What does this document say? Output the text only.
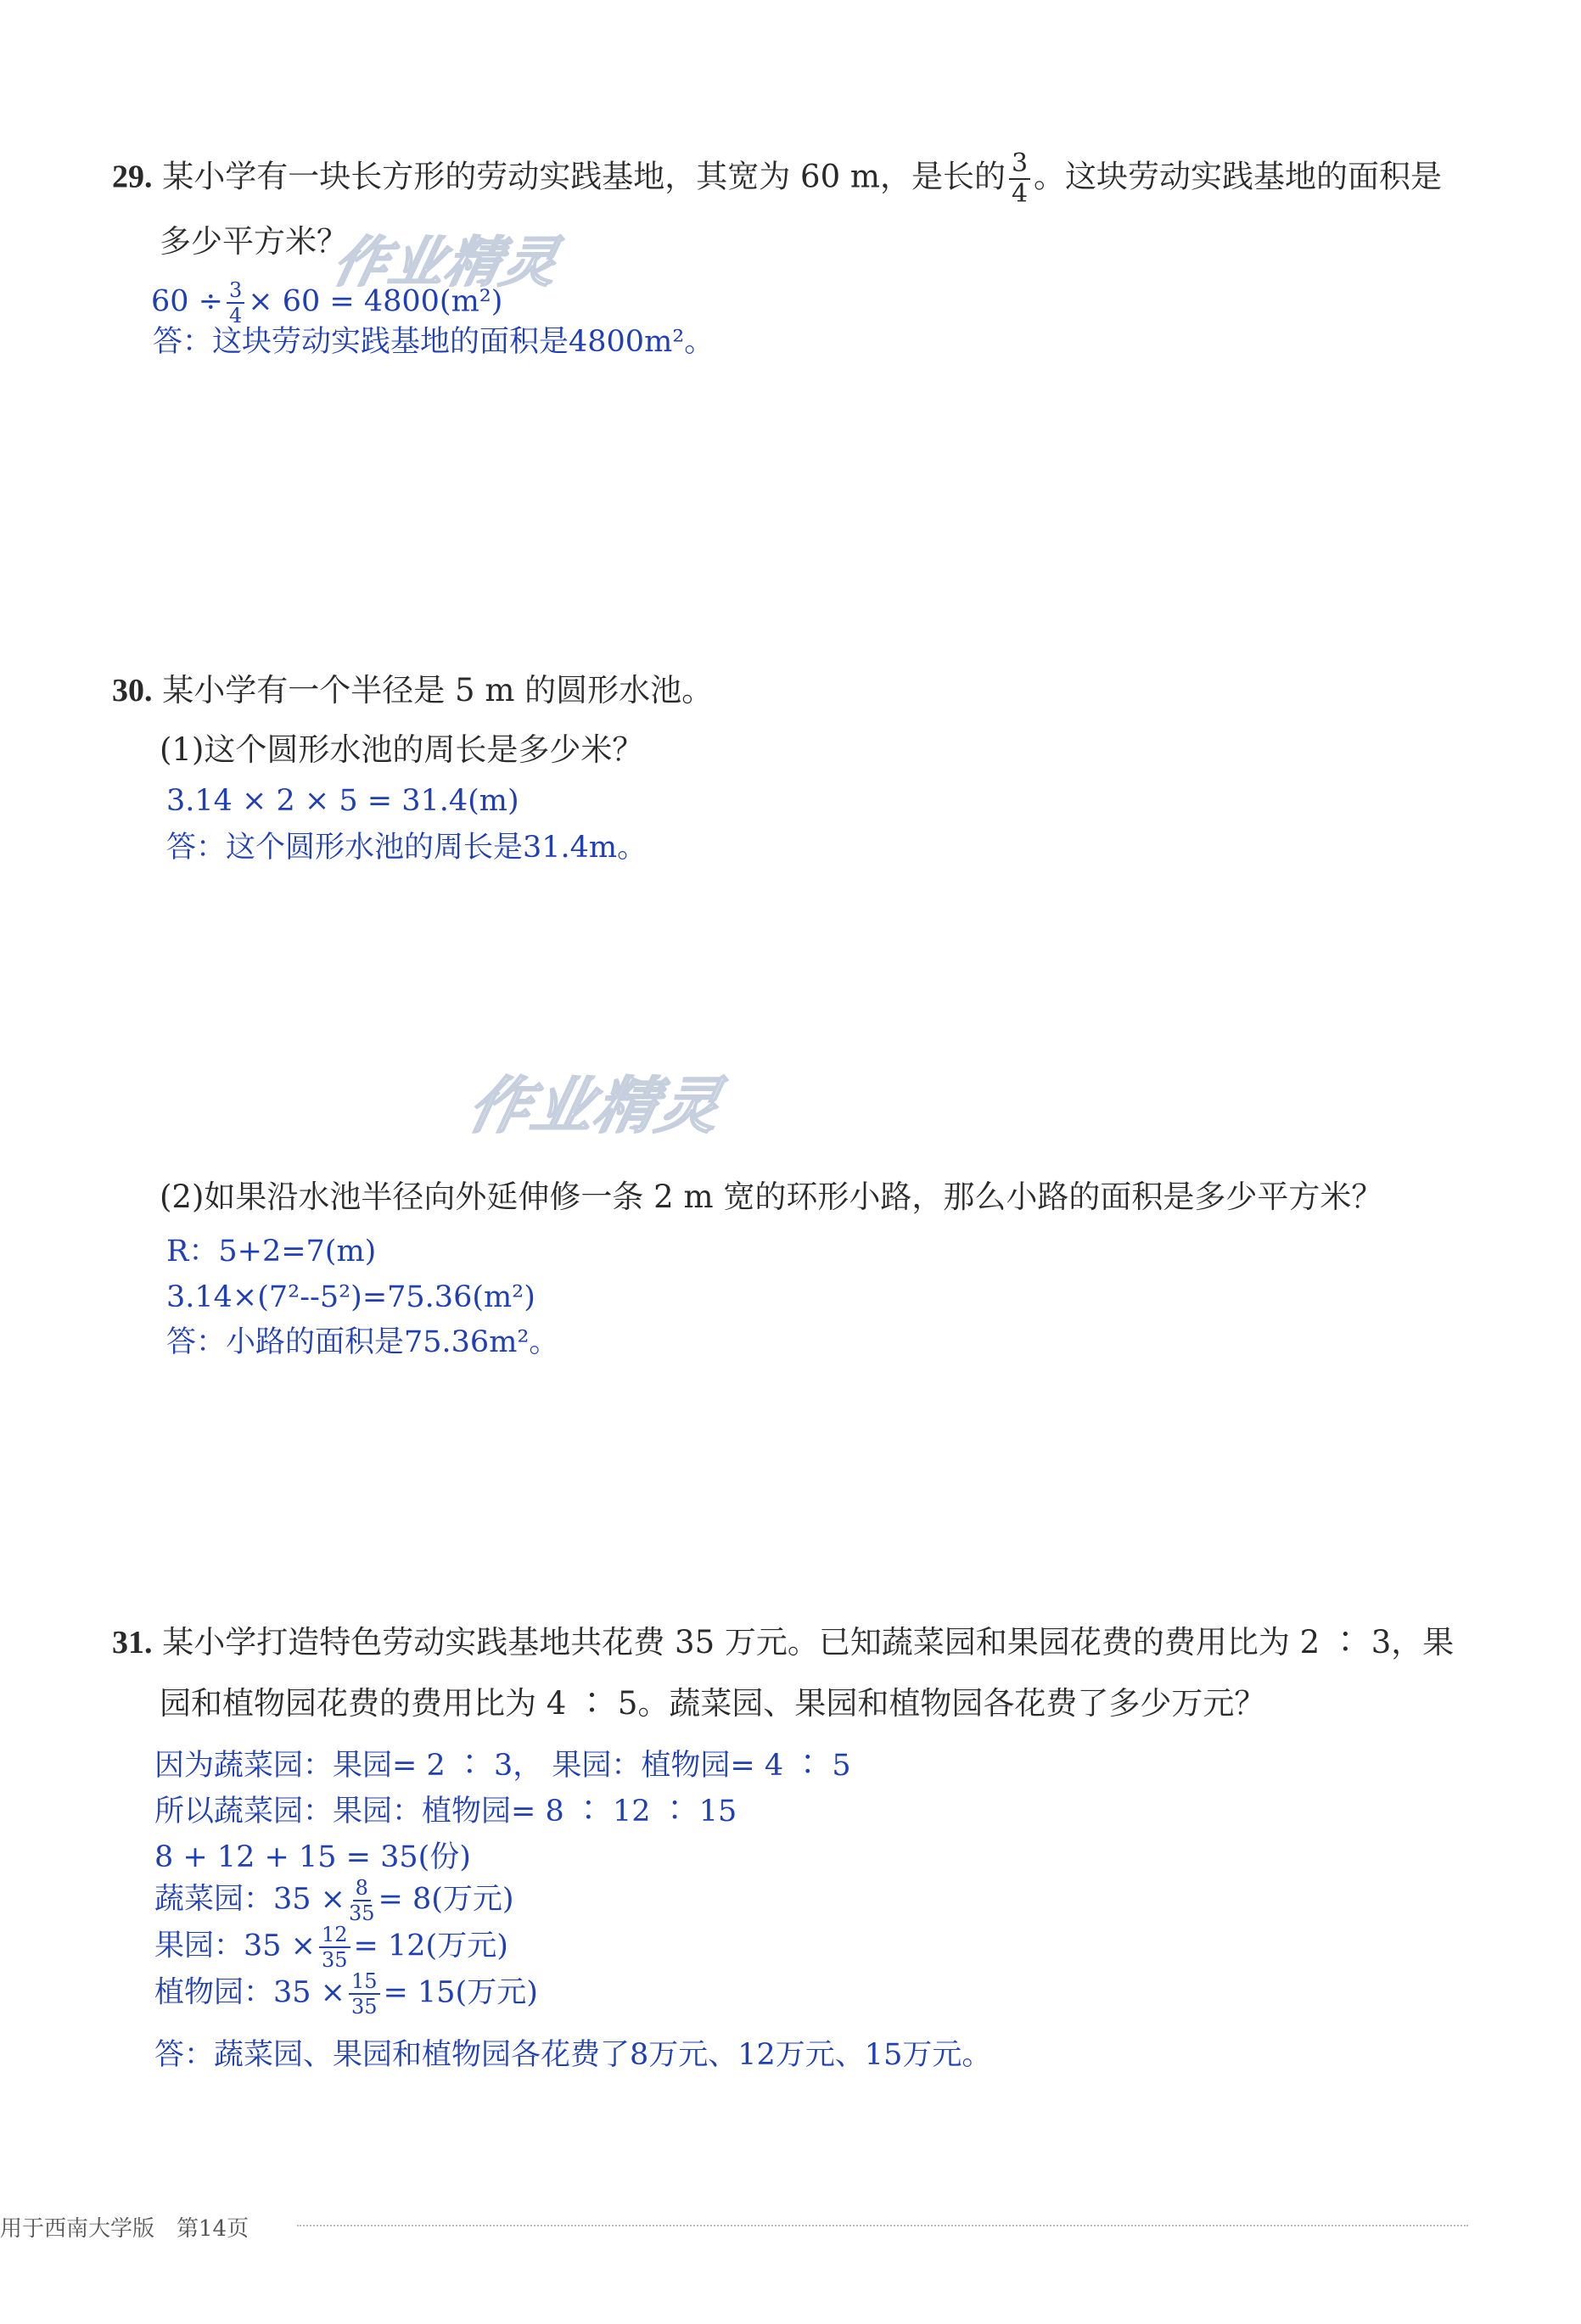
作业精灵
作业精灵
29. 某小学有一块长方形的劳动实践基地，其宽为 60 m，是长的 $\frac{3}{4}$ 。这块劳动实践基地的面积是
多少平方米？
$60 \div \frac{3}{4} \times 60 = 4800(m^2)$
答：这块劳动实践基地的面积是4800m²。
30. 某小学有一个半径是 5 m 的圆形水池。
(1)这个圆形水池的周长是多少米？
3.14 × 2 × 5 = 31.4(m)
答：这个圆形水池的周长是31.4m。
(2)如果沿水池半径向外延伸修一条 2 m 宽的环形小路，那么小路的面积是多少平方米？
R：5+2=7(m)
3.14×(7²--5²)=75.36(m²)
答：小路的面积是75.36m²。
31. 某小学打造特色劳动实践基地共花费 35 万元。已知蔬菜园和果园花费的费用比为 2 ∶ 3，果
园和植物园花费的费用比为 4 ∶ 5。蔬菜园、果园和植物园各花费了多少万元？
因为蔬菜园：果园= 2 ∶ 3， 果园：植物园= 4 ∶ 5
所以蔬菜园：果园：植物园= 8 ∶ 12 ∶ 15
8 + 12 + 15 = 35(份)
蔬菜园：$35 \times \frac{8}{35} = 8$(万元)
果园：$35 \times \frac{12}{35} = 12$(万元)
植物园：$35 \times \frac{15}{35} = 15$(万元)
答：蔬菜园、果园和植物园各花费了8万元、12万元、15万元。
用于西南大学版　第14页
